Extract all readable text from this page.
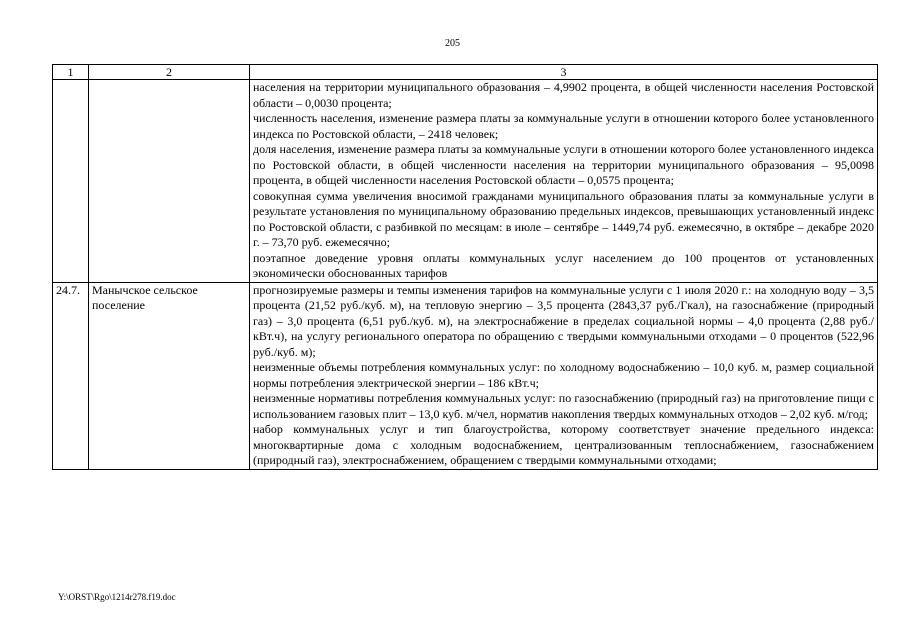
205
1	2	3

		населения на территории муниципального образования – 4,9902 процента, в общей численности населения Ростовской области – 0,0030 процента;

численность населения, изменение размера платы за коммунальные услуги в отношении которого более установленного индекса по Ростовской области, – 2418 человек;

доля населения, изменение размера платы за коммунальные услуги в отношении которого более установленного индекса по Ростовской области, в общей численности населения на территории муниципального образования – 95,0098 процента, в общей численности населения Ростовской области – 0,0575 процента;

совокупная сумма увеличения вносимой гражданами муниципального образования платы за коммунальные услуги в результате установления по муниципальному образованию предельных индексов, превышающих установленный индекс по Ростовской области, с разбивкой по месяцам: в июле – сентябре – 1449,74 руб. ежемесячно, в октябре – декабре 2020 г. – 73,70 руб. ежемесячно;

поэтапное доведение уровня оплаты коммунальных услуг населением до 100 процентов от установленных экономически обоснованных тарифов

24.7.	Манычское сельское поселение	прогнозируемые размеры и темпы изменения тарифов на коммунальные услуги с 1 июля 2020 г.: на холодную воду – 3,5 процента (21,52 руб./куб. м), на тепловую энергию – 3,5 процента (2843,37 руб./Гкал), на газоснабжение (природный газ) – 3,0 процента (6,51 руб./куб. м), на электроснабжение в пределах социальной нормы – 4,0 процента (2,88 руб./кВт.ч), на услугу регионального оператора по обращению с твердыми коммунальными отходами – 0 процентов (522,96 руб./куб. м);

неизменные объемы потребления коммунальных услуг: по холодному водоснабжению – 10,0 куб. м, размер социальной нормы потребления электрической энергии – 186 кВт.ч;

неизменные нормативы потребления коммунальных услуг: по газоснабжению (природный газ) на приготовление пищи с использованием газовых плит – 13,0 куб. м/чел, норматив накопления твердых коммунальных отходов – 2,02 куб. м/год;

набор коммунальных услуг и тип благоустройства, которому соответствует значение предельного индекса: многоквартирные дома с холодным водоснабжением, централизованным теплоснабжением, газоснабжением (природный газ), электроснабжением, обращением с твердыми коммунальными отходами;

Y:\ORST\Rgo\1214r278.f19.doc
